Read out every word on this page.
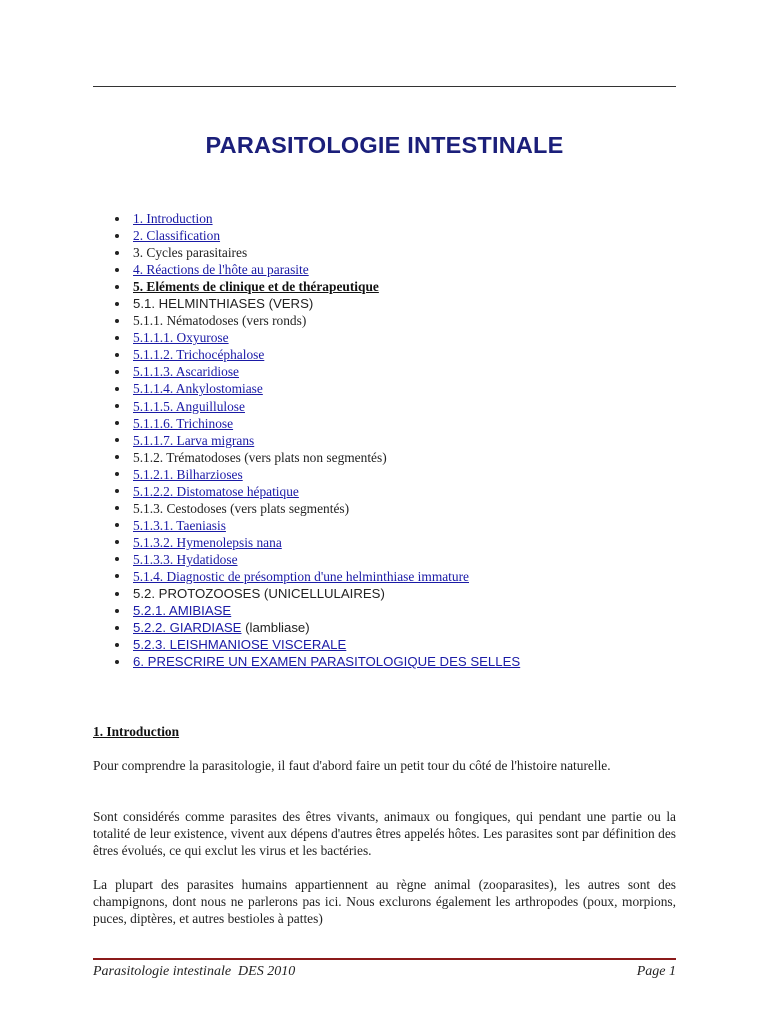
PARASITOLOGIE INTESTINALE
1. Introduction
2. Classification
3. Cycles parasitaires
4. Réactions de l'hôte au parasite
5. Eléments de clinique et de thérapeutique
5.1. HELMINTHIASES (VERS)
5.1.1. Nématodoses (vers ronds)
5.1.1.1. Oxyurose
5.1.1.2. Trichocéphalose
5.1.1.3. Ascaridiose
5.1.1.4. Ankylostomiase
5.1.1.5. Anguillulose
5.1.1.6. Trichinose
5.1.1.7. Larva migrans
5.1.2. Trématodoses (vers plats non segmentés)
5.1.2.1. Bilharzioses
5.1.2.2. Distomatose hépatique
5.1.3. Cestodoses (vers plats segmentés)
5.1.3.1. Taeniasis
5.1.3.2. Hymenolepsis nana
5.1.3.3. Hydatidose
5.1.4. Diagnostic de présomption d'une helminthiase immature
5.2. PROTOZOOSES (UNICELLULAIRES)
5.2.1. AMIBIASE
5.2.2. GIARDIASE (lambliase)
5.2.3. LEISHMANIOSE VISCERALE
6. PRESCRIRE UN EXAMEN PARASITOLOGIQUE DES SELLES
1. Introduction

Pour comprendre la parasitologie, il faut d'abord faire un petit tour du côté de l'histoire naturelle.

Sont considérés comme parasites des êtres vivants, animaux ou fongiques, qui pendant une partie ou la totalité de leur existence, vivent aux dépens d'autres êtres appelés hôtes. Les parasites sont par définition des êtres évolués, ce qui exclut les virus et les bactéries.

La plupart des parasites humains appartiennent au règne animal (zooparasites), les autres sont des champignons, dont nous ne parlerons pas ici. Nous exclurons également les arthropodes (poux, morpions, puces, diptères, et autres bestioles à pattes)

Parasitologie intestinale  DES 2010	Page 1
